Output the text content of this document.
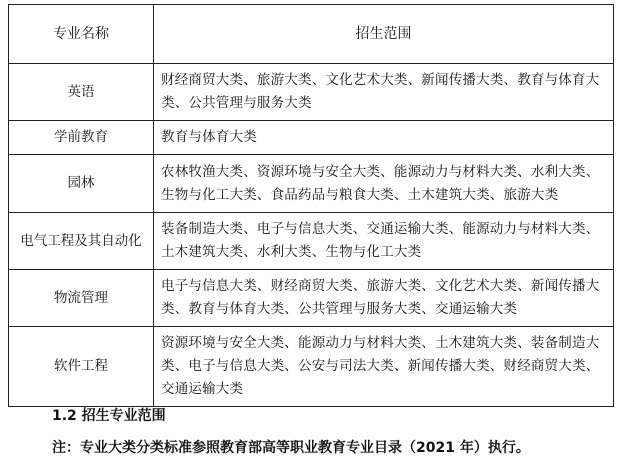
专业名称	招生范围
英语	财经商贸大类、旅游大类、文化艺术大类、新闻传播大类、教育与体育大类、公共管理与服务大类
学前教育	教育与体育大类
园林	农林牧渔大类、资源环境与安全大类、能源动力与材料大类、水利大类、生物与化工大类、食品药品与粮食大类、土木建筑大类、旅游大类
电气工程及其自动化	装备制造大类、电子与信息大类、交通运输大类、能源动力与材料大类、土木建筑大类、水利大类、生物与化工大类
物流管理	电子与信息大类、财经商贸大类、旅游大类、文化艺术大类、新闻传播大类、教育与体育大类、公共管理与服务大类、交通运输大类
软件工程	资源环境与安全大类、能源动力与材料大类、土木建筑大类、装备制造大类、电子与信息大类、公安与司法大类、新闻传播大类、财经商贸大类、交通运输大类
1.2 招生专业范围
注：专业大类分类标准参照教育部高等职业教育专业目录（2021 年）执行。
